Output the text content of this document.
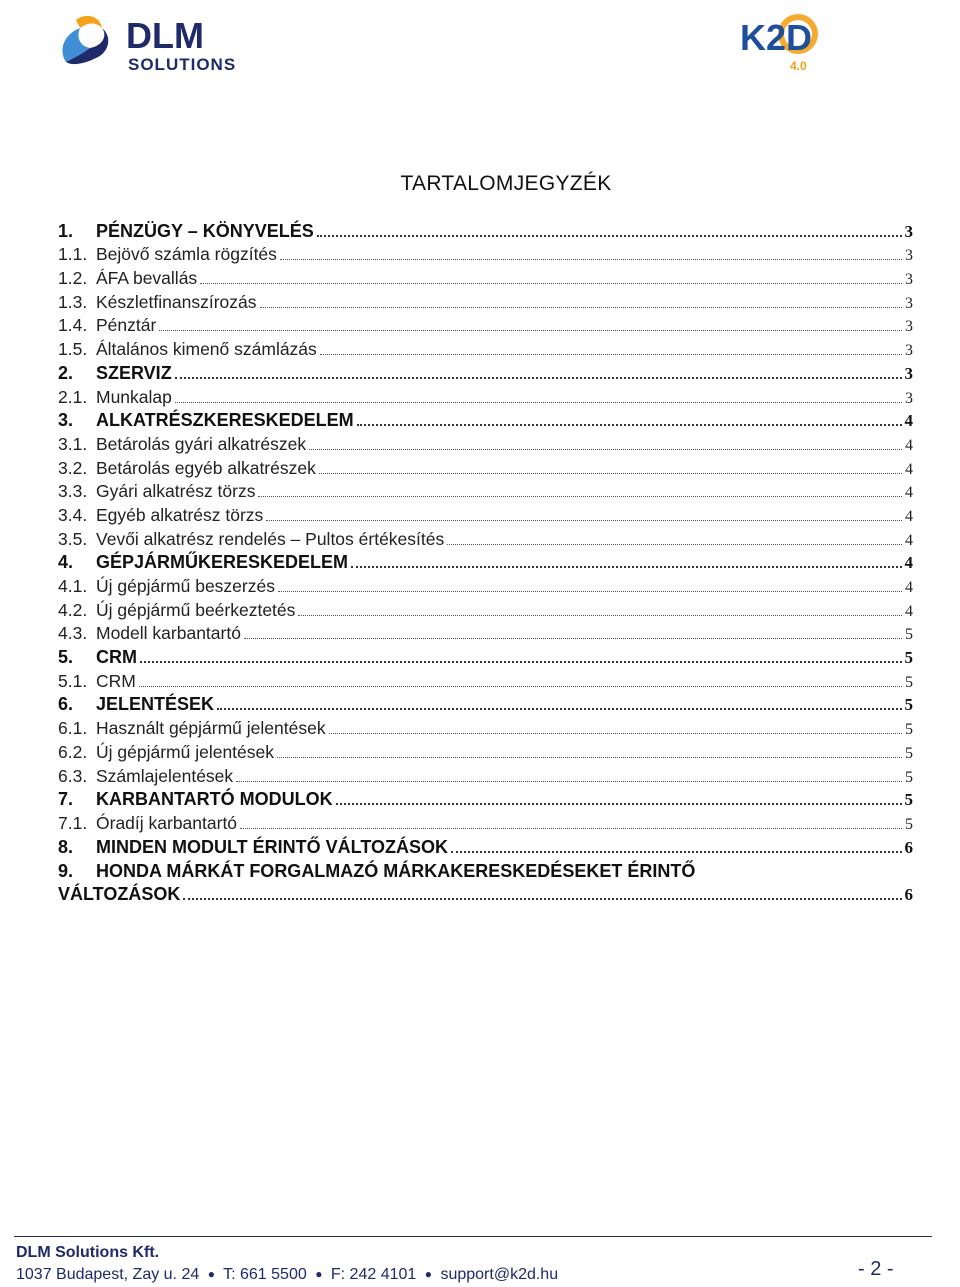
DLM
SOLUTIONS
K2D
4.0
TARTALOMJEGYZÉK
1.	PÉNZÜGY – KÖNYVELÉS	3
1.1. Bejövő számla rögzítés	3
1.2. ÁFA bevallás	3
1.3. Készletfinanszírozás	3
1.4. Pénztár	3
1.5. Általános kimenő számlázás	3
2.	SZERVIZ	3
2.1. Munkalap	3
3.	ALKATRÉSZKERESKEDELEM	4
3.1. Betárolás gyári alkatrészek	4
3.2. Betárolás egyéb alkatrészek	4
3.3. Gyári alkatrész törzs	4
3.4. Egyéb alkatrész törzs	4
3.5. Vevői alkatrész rendelés – Pultos értékesítés	4
4.	GÉPJÁRMŰKERESKEDELEM	4
4.1. Új gépjármű beszerzés	4
4.2. Új gépjármű beérkeztetés	4
4.3. Modell karbantartó	5
5.	CRM	5
5.1. CRM	5
6.	JELENTÉSEK	5
6.1. Használt gépjármű jelentések	5
6.2. Új gépjármű jelentések	5
6.3. Számlajelentések	5
7.	KARBANTARTÓ MODULOK	5
7.1. Óradíj karbantartó	5
8.	MINDEN MODULT ÉRINTŐ VÁLTOZÁSOK	6
9.	HONDA MÁRKÁT FORGALMAZÓ MÁRKAKERESKEDÉSEKET ÉRINTŐ
VÁLTOZÁSOK	6
DLM Solutions Kft.
1037 Budapest, Zay u. 24 ● T: 661 5500 ● F: 242 4101 ● support@k2d.hu	- 2 -
